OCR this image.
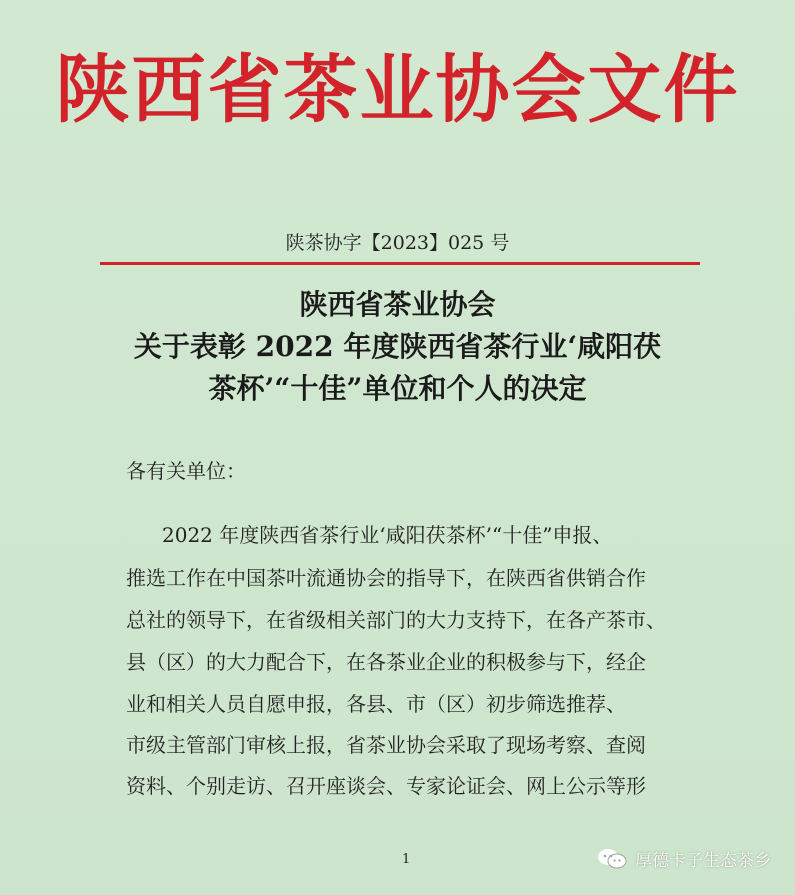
陕西省茶业协会文件
陕茶协字【2023】025 号
陕西省茶业协会
关于表彰 2022 年度陕西省茶行业‘咸阳茯
茶杯’“十佳”单位和个人的决定
各有关单位：
2022 年度陕西省茶行业‘咸阳茯茶杯’“十佳”申报、
推选工作在中国茶叶流通协会的指导下，在陕西省供销合作
总社的领导下，在省级相关部门的大力支持下，在各产茶市、
县（区）的大力配合下，在各茶业企业的积极参与下，经企
业和相关人员自愿申报，各县、市（区）初步筛选推荐、
市级主管部门审核上报，省茶业协会采取了现场考察、查阅
资料、个别走访、召开座谈会、专家论证会、网上公示等形
1	厚德卡子生态茶乡
